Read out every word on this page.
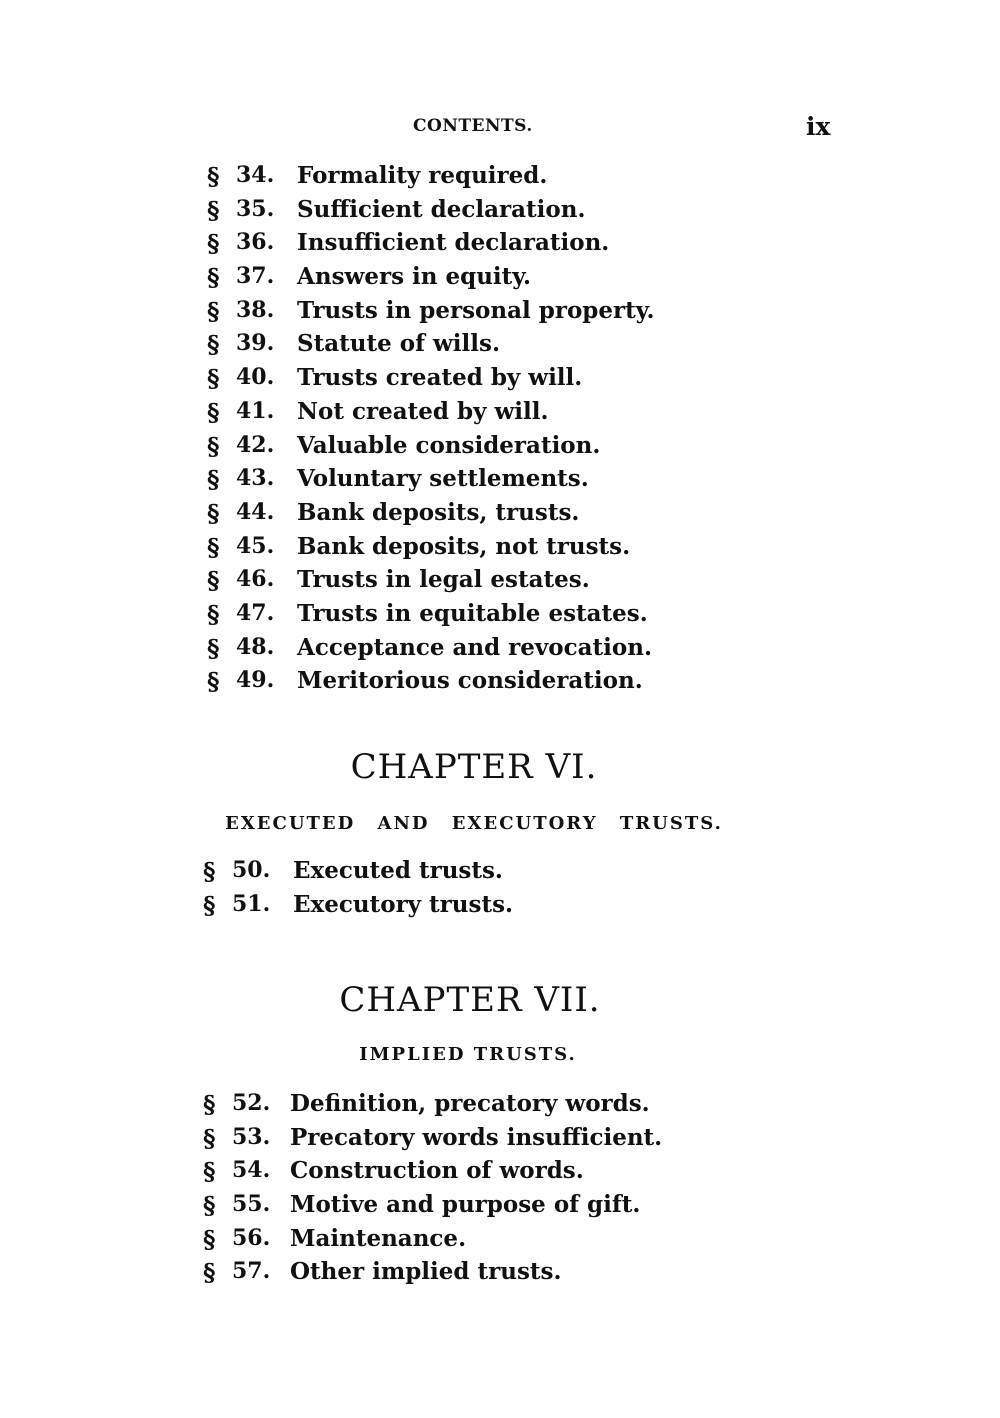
CONTENTS.	ix
§ 34. Formality required.
§ 35. Sufficient declaration.
§ 36. Insufficient declaration.
§ 37. Answers in equity.
§ 38. Trusts in personal property.
§ 39. Statute of wills.
§ 40. Trusts created by will.
§ 41. Not created by will.
§ 42. Valuable consideration.
§ 43. Voluntary settlements.
§ 44. Bank deposits, trusts.
§ 45. Bank deposits, not trusts.
§ 46. Trusts in legal estates.
§ 47. Trusts in equitable estates.
§ 48. Acceptance and revocation.
§ 49. Meritorious consideration.
CHAPTER VI.
EXECUTED AND EXECUTORY TRUSTS.
§ 50. Executed trusts.
§ 51. Executory trusts.
CHAPTER VII.
IMPLIED TRUSTS.
§ 52. Definition, precatory words.
§ 53. Precatory words insufficient.
§ 54. Construction of words.
§ 55. Motive and purpose of gift.
§ 56. Maintenance.
§ 57. Other implied trusts.
